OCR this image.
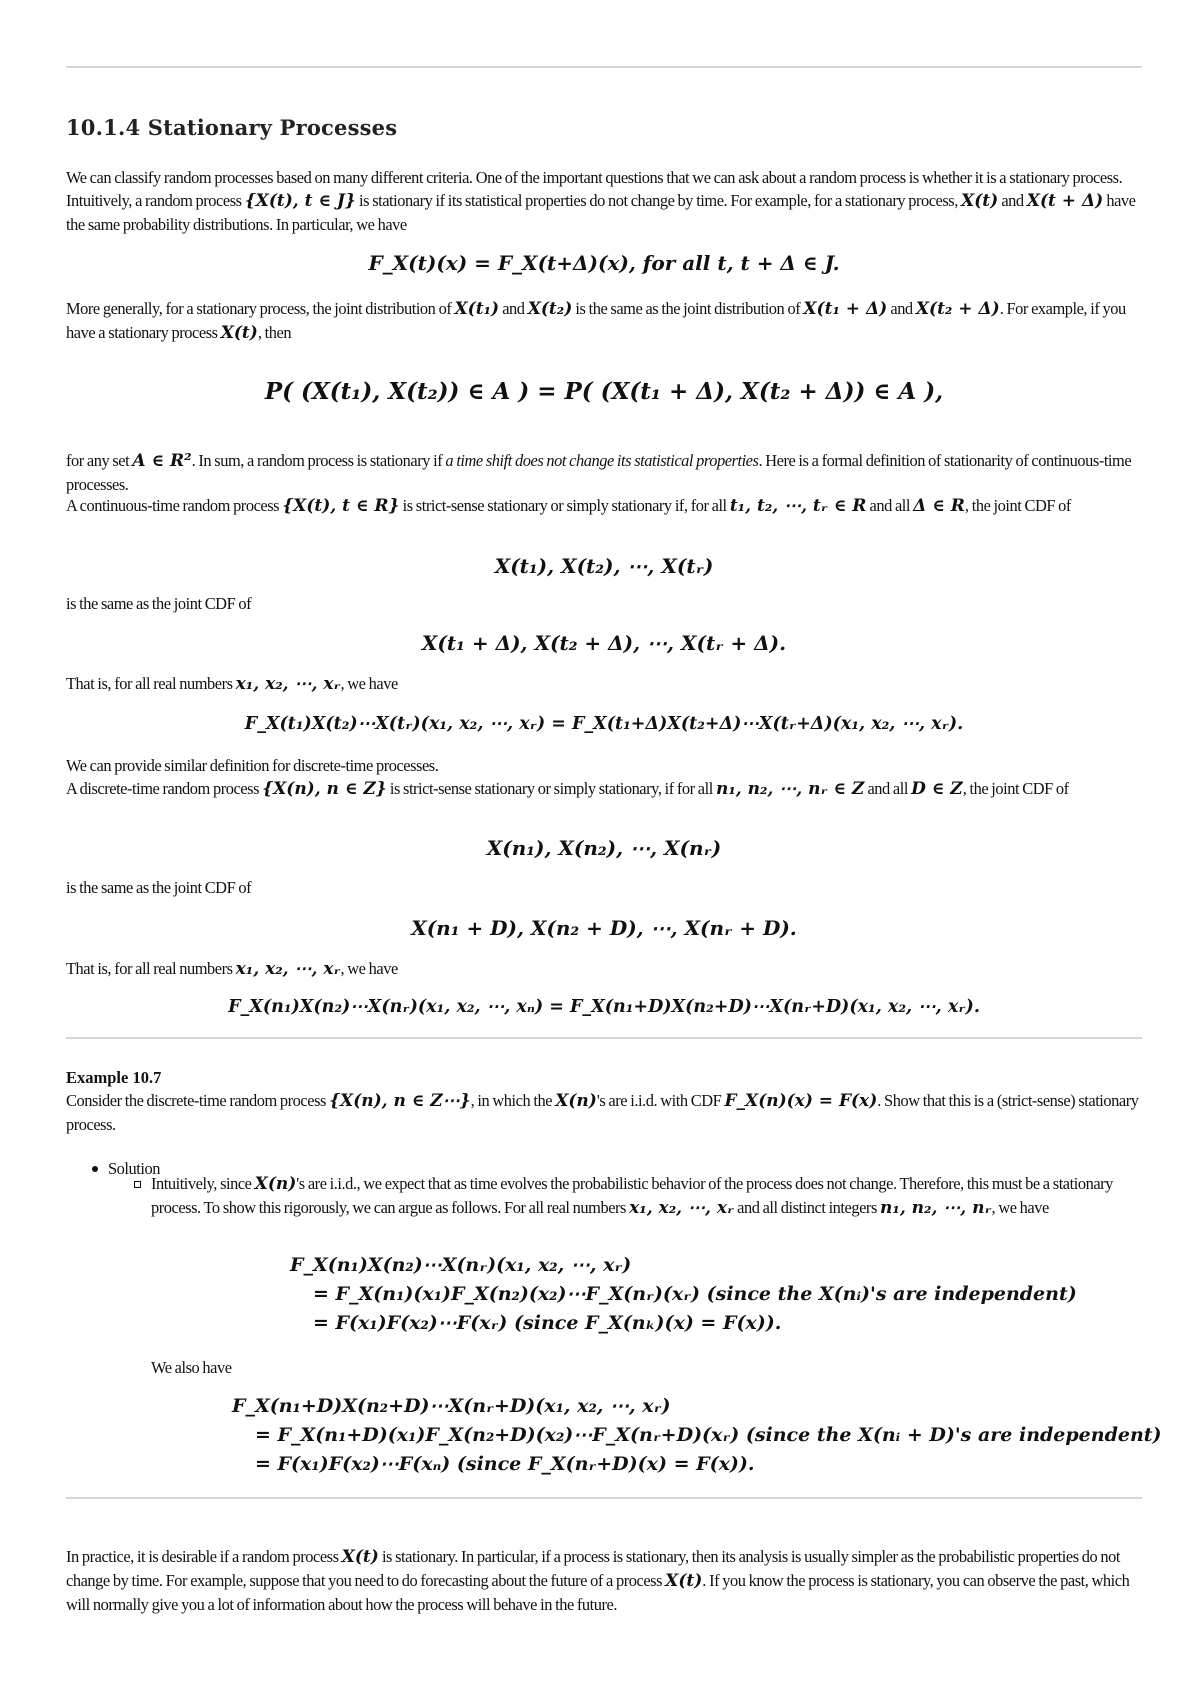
10.1.4 Stationary Processes

We can classify random processes based on many different criteria. One of the important questions that we can ask about a random process is whether it is a stationary process. Intuitively, a random process {X(t), t ∈ J} is stationary if its statistical properties do not change by time. For example, for a stationary process, X(t) and X(t + Δ) have the same probability distributions. In particular, we have

F_X(t)(x) = F_X(t+Δ)(x), for all t, t + Δ ∈ J.

More generally, for a stationary process, the joint distribution of X(t₁) and X(t₂) is the same as the joint distribution of X(t₁ + Δ) and X(t₂ + Δ). For example, if you have a stationary process X(t), then

P( (X(t₁), X(t₂)) ∈ A ) = P( (X(t₁ + Δ), X(t₂ + Δ)) ∈ A ),

for any set A ∈ R². In sum, a random process is stationary if a time shift does not change its statistical properties. Here is a formal definition of stationarity of continuous-time processes.

A continuous-time random process {X(t), t ∈ R} is strict-sense stationary or simply stationary if, for all t₁, t₂, ⋯, tᵣ ∈ R and all Δ ∈ R, the joint CDF of

X(t₁), X(t₂), ⋯, X(tᵣ)

is the same as the joint CDF of

X(t₁ + Δ), X(t₂ + Δ), ⋯, X(tᵣ + Δ).

That is, for all real numbers x₁, x₂, ⋯, xᵣ, we have

F_X(t₁)X(t₂)⋯X(tᵣ)(x₁, x₂, ⋯, xᵣ) = F_X(t₁+Δ)X(t₂+Δ)⋯X(tᵣ+Δ)(x₁, x₂, ⋯, xᵣ).

We can provide similar definition for discrete-time processes.

A discrete-time random process {X(n), n ∈ Z} is strict-sense stationary or simply stationary, if for all n₁, n₂, ⋯, nᵣ ∈ Z and all D ∈ Z, the joint CDF of

X(n₁), X(n₂), ⋯, X(nᵣ)

is the same as the joint CDF of

X(n₁ + D), X(n₂ + D), ⋯, X(nᵣ + D).

That is, for all real numbers x₁, x₂, ⋯, xᵣ, we have

F_X(n₁)X(n₂)⋯X(nᵣ)(x₁, x₂, ⋯, xₙ) = F_X(n₁+D)X(n₂+D)⋯X(nᵣ+D)(x₁, x₂, ⋯, xᵣ).
Example 10.7

Consider the discrete-time random process {X(n), n ∈ Z⋯}, in which the X(n)'s are i.i.d. with CDF F_X(n)(x) = F(x). Show that this is a (strict-sense) stationary process.

Solution

Intuitively, since X(n)'s are i.i.d., we expect that as time evolves the probabilistic behavior of the process does not change. Therefore, this must be a stationary process. To show this rigorously, we can argue as follows. For all real numbers x₁, x₂, ⋯, xᵣ and all distinct integers n₁, n₂, ⋯, nᵣ, we have

F_X(n₁)X(n₂)⋯X(nᵣ)(x₁, x₂, ⋯, xᵣ)
= F_X(n₁)(x₁)F_X(n₂)(x₂)⋯F_X(nᵣ)(xᵣ) (since the X(nᵢ)'s are independent)
= F(x₁)F(x₂)⋯F(xᵣ) (since F_X(nₖ)(x) = F(x)).

We also have

F_X(n₁+D)X(n₂+D)⋯X(nᵣ+D)(x₁, x₂, ⋯, xᵣ)
= F_X(n₁+D)(x₁)F_X(n₂+D)(x₂)⋯F_X(nᵣ+D)(xᵣ) (since the X(nᵢ + D)'s are independent)
= F(x₁)F(x₂)⋯F(xₙ) (since F_X(nᵣ+D)(x) = F(x)).

In practice, it is desirable if a random process X(t) is stationary. In particular, if a process is stationary, then its analysis is usually simpler as the probabilistic properties do not change by time. For example, suppose that you need to do forecasting about the future of a process X(t). If you know the process is stationary, you can observe the past, which will normally give you a lot of information about how the process will behave in the future.
